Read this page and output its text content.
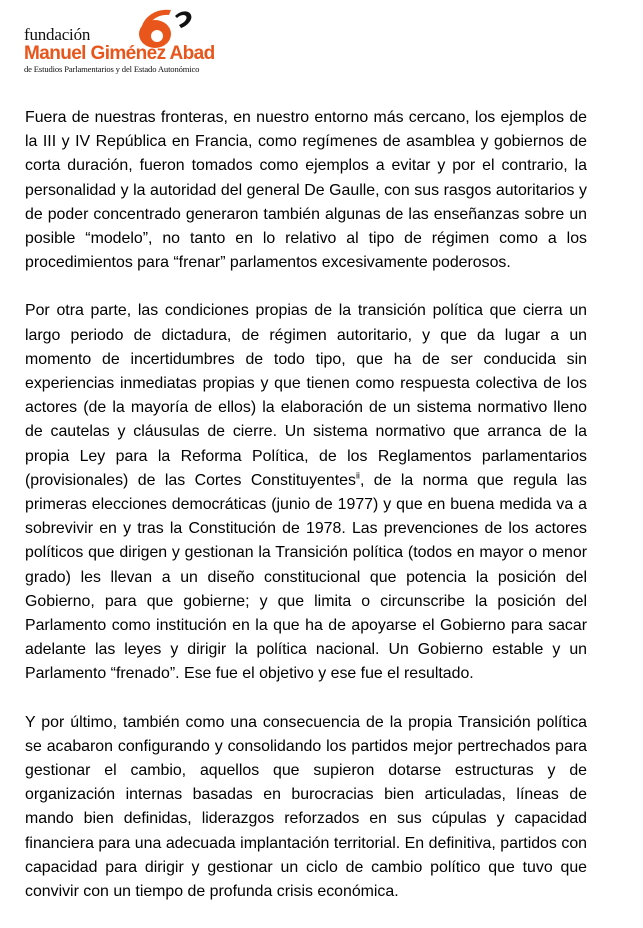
fundación
Manuel Giménez Abad
de Estudios Parlamentarios y del Estado Autonómico

Fuera de nuestras fronteras, en nuestro entorno más cercano, los ejemplos de la III y IV República en Francia, como regímenes de asamblea y gobiernos de corta duración, fueron tomados como ejemplos a evitar y por el contrario, la personalidad y la autoridad del general De Gaulle, con sus rasgos autoritarios y de poder concentrado generaron también algunas de las enseñanzas sobre un posible “modelo”, no tanto en lo relativo al tipo de régimen como a los procedimientos para “frenar” parlamentos excesivamente poderosos.

Por otra parte, las condiciones propias de la transición política que cierra un largo periodo de dictadura, de régimen autoritario, y que da lugar a un momento de incertidumbres de todo tipo, que ha de ser conducida sin experiencias inmediatas propias y que tienen como respuesta colectiva de los actores (de la mayoría de ellos) la elaboración de un sistema normativo lleno de cautelas y cláusulas de cierre. Un sistema normativo que arranca de la propia Ley para la Reforma Política, de los Reglamentos parlamentarios (provisionales) de las Cortes Constituyentes$^{ii}$, de la norma que regula las primeras elecciones democráticas (junio de 1977) y que en buena medida va a sobrevivir en y tras la Constitución de 1978. Las prevenciones de los actores políticos que dirigen y gestionan la Transición política (todos en mayor o menor grado) les llevan a un diseño constitucional que potencia la posición del Gobierno, para que gobierne; y que limita o circunscribe la posición del Parlamento como institución en la que ha de apoyarse el Gobierno para sacar adelante las leyes y dirigir la política nacional. Un Gobierno estable y un Parlamento “frenado”. Ese fue el objetivo y ese fue el resultado.

Y por último, también como una consecuencia de la propia Transición política se acabaron configurando y consolidando los partidos mejor pertrechados para gestionar el cambio, aquellos que supieron dotarse estructuras y de organización internas basadas en burocracias bien articuladas, líneas de mando bien definidas, liderazgos reforzados en sus cúpulas y capacidad financiera para una adecuada implantación territorial. En definitiva, partidos con capacidad para dirigir y gestionar un ciclo de cambio político que tuvo que convivir con un tiempo de profunda crisis económica.
